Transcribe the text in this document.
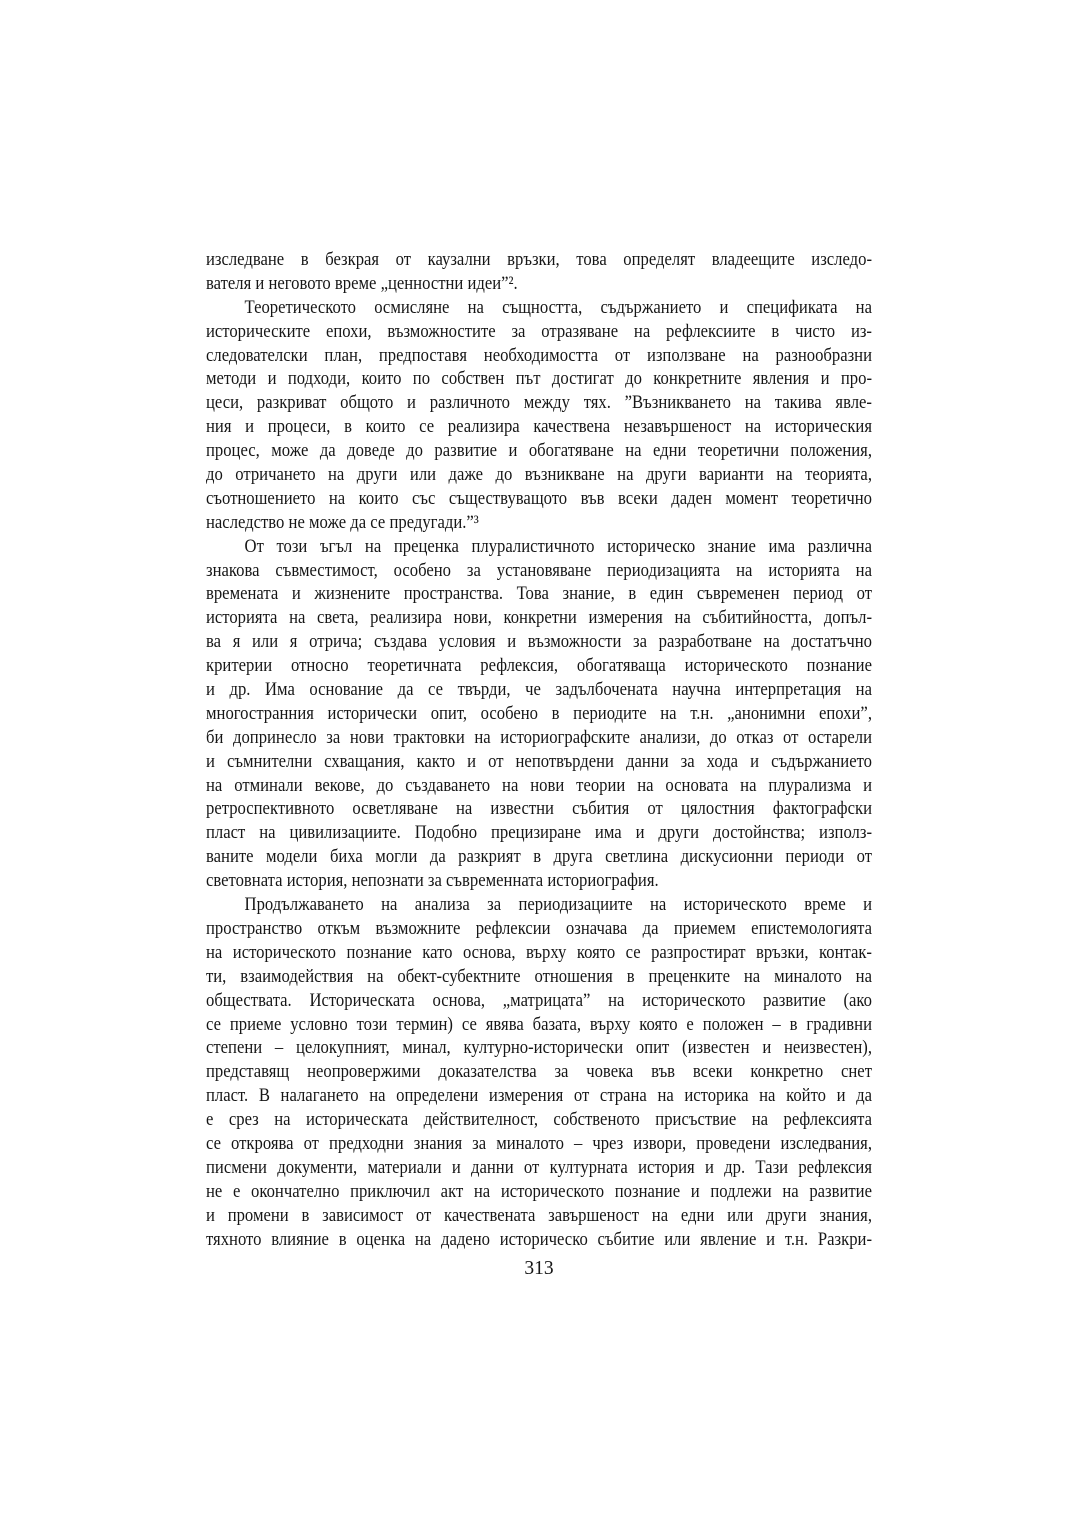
изследване в безкрая от каузални връзки, това определят владеещите изследо-
вателя и неговото време „ценностни идеи”².
Теоретическото осмисляне на същността, съдържанието и спецификата на
историческите епохи, възможностите за отразяване на рефлексиите в чисто из-
следователски план, предпоставя необходимостта от използване на разнообразни
методи и подходи, които по собствен път достигат до конкретните явления и про-
цеси, разкриват общото и различното между тях. ”Възникването на такива явле-
ния и процеси, в които се реализира качествена незавършеност на историческия
процес, може да доведе до развитие и обогатяване на едни теоретични положения,
до отричането на други или даже до възникване на други варианти на теорията,
съотношението на които със съществуващото във всеки даден момент теоретично
наследство не може да се предугади.”³
От този ъгъл на преценка плуралистичното историческо знание има различна
знакова съвместимост, особено за установяване периодизацията на историята на
времената и жизнените пространства. Това знание, в един съвременен период от
историята на света, реализира нови, конкретни измерения на събитийността, допъл-
ва я или я отрича; създава условия и възможности за разработване на достатъчно
критерии относно теоретичната рефлексия, обогатяваща историческото познание
и др. Има основание да се твърди, че задълбочената научна интерпретация на
многостранния исторически опит, особено в периодите на т.н. „анонимни епохи”,
би допринесло за нови трактовки на историографските анализи, до отказ от остарели
и съмнителни схващания, както и от непотвърдени данни за хода и съдържанието
на отминали векове, до създаването на нови теории на основата на плурализма и
ретроспективното осветляване на известни събития от цялостния фактографски
пласт на цивилизациите. Подобно прецизиране има и други достойнства; използ-
ваните модели биха могли да разкрият в друга светлина дискусионни периоди от
световната история, непознати за съвременната историография.
Продължаването на анализа за периодизациите на историческото време и
пространство откъм възможните рефлексии означава да приемем епистемологията
на историческото познание като основа, върху която се разпростират връзки, контак-
ти, взаимодействия на обект-субектните отношения в преценките на миналото на
обществата. Историческата основа, „матрицата” на историческото развитие (ако
се приеме условно този термин) се явява базата, върху която е положен – в градивни
степени – целокупният, минал, културно-исторически опит (известен и неизвестен),
представящ неопровержими доказателства за човека във всеки конкретно снет
пласт. В налагането на определени измерения от страна на историка на който и да
е срез на историческата действителност, собственото присъствие на рефлексията
се откроява от предходни знания за миналото – чрез извори, проведени изследвания,
писмени документи, материали и данни от културната история и др. Тази рефлексия
не е окончателно приключил акт на историческото познание и подлежи на развитие
и промени в зависимост от качествената завършеност на едни или други знания,
тяхното влияние в оценка на дадено историческо събитие или явление и т.н. Разкри-
313
